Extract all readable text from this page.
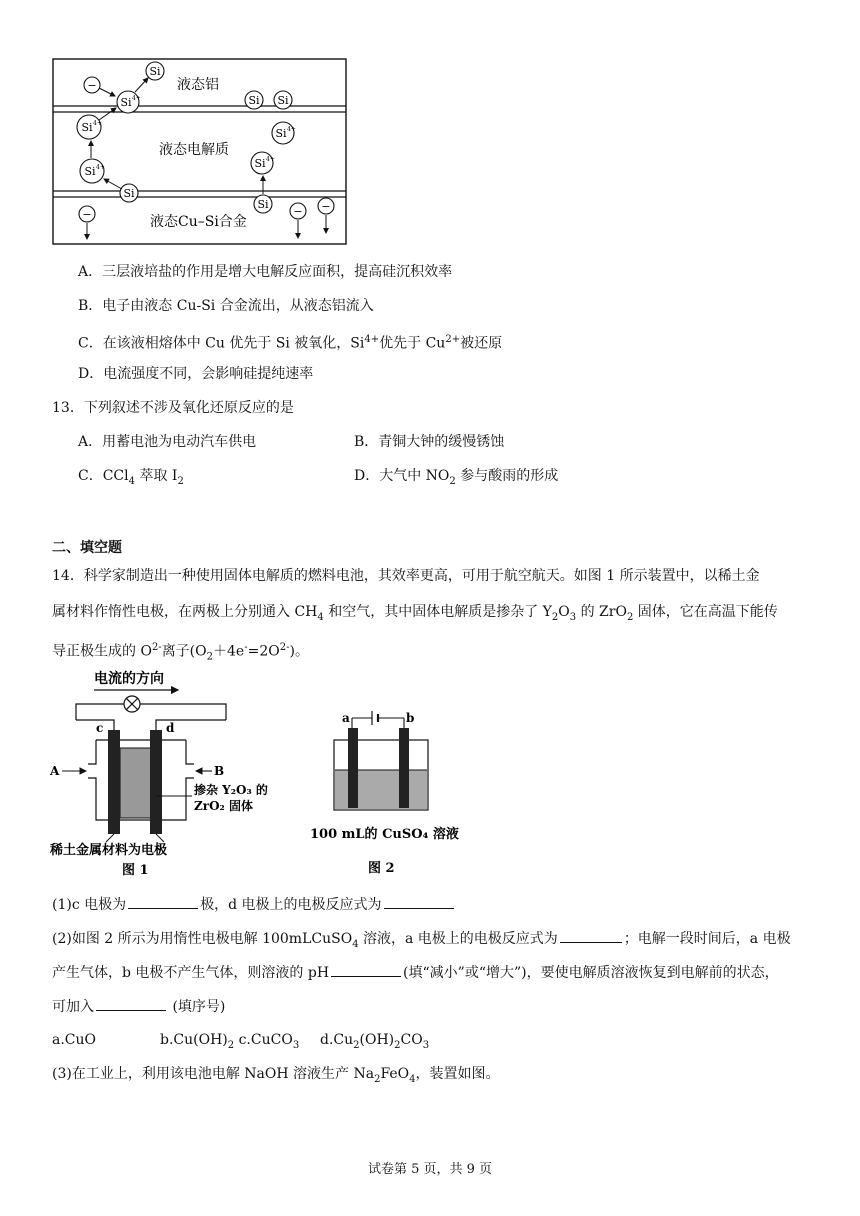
液态铝
液态电解质
液态Cu–Si合金
−
Si
Si	Si Si
Si	Si
Si
Si
Si
Si
−	− −
4+
4+
4+
4+
4+
A．三层液培盐的作用是增大电解反应面积，提高硅沉积效率
B．电子由液态 Cu-Si 合金流出，从液态铝流入
C．在该液相熔体中 Cu 优先于 Si 被氧化，$Si^{4+}$优先于 $Cu^{2+}$被还原
D．电流强度不同，会影响硅提纯速率
13．下列叙述不涉及氧化还原反应的是
A．用蓄电池为电动汽车供电	B．青铜大钟的缓慢锈蚀
C．CCl$_4$ 萃取 $I_2$	D．大气中 $NO_2$ 参与酸雨的形成
二、填空题
14．科学家制造出一种使用固体电解质的燃料电池，其效率更高，可用于航空航天。如图 1 所示装置中，以稀土金
属材料作惰性电极，在两极上分别通入 $CH_4$ 和空气，其中固体电解质是掺杂了 $Y_2O_3$ 的 ZrO$_2$ 固体，它在高温下能传
导正极生成的 $O^{2-}$离子$(O_2+4e^-=2O^{2-})$。
电流的方向
c	d
A	B
掺杂 Y₂O₃ 的
ZrO₂ 固体
稀土金属材料为电极
图 1
a	b
100 mL的 CuSO₄ 溶液
图 2
(1)c 电极为	极，d 电极上的电极反应式为
(2)如图 2 所示为用惰性电极电解 100mLCuSO$_4$ 溶液，a 电极上的电极反应式为	；电解一段时间后，a 电极
产生气体，b 电极不产生气体，则溶液的 pH	(填“减小”或“增大”)，要使电解质溶液恢复到电解前的状态，
可加入	(填序号)
a.CuO	$b.Cu(OH)_2$ c.CuCO$_3$ $d.Cu_2(OH)_2CO_3$
(3)在工业上，利用该电池电解 NaOH 溶液生产 $Na_2FeO_4$，装置如图。
试卷第 5 页，共 9 页
